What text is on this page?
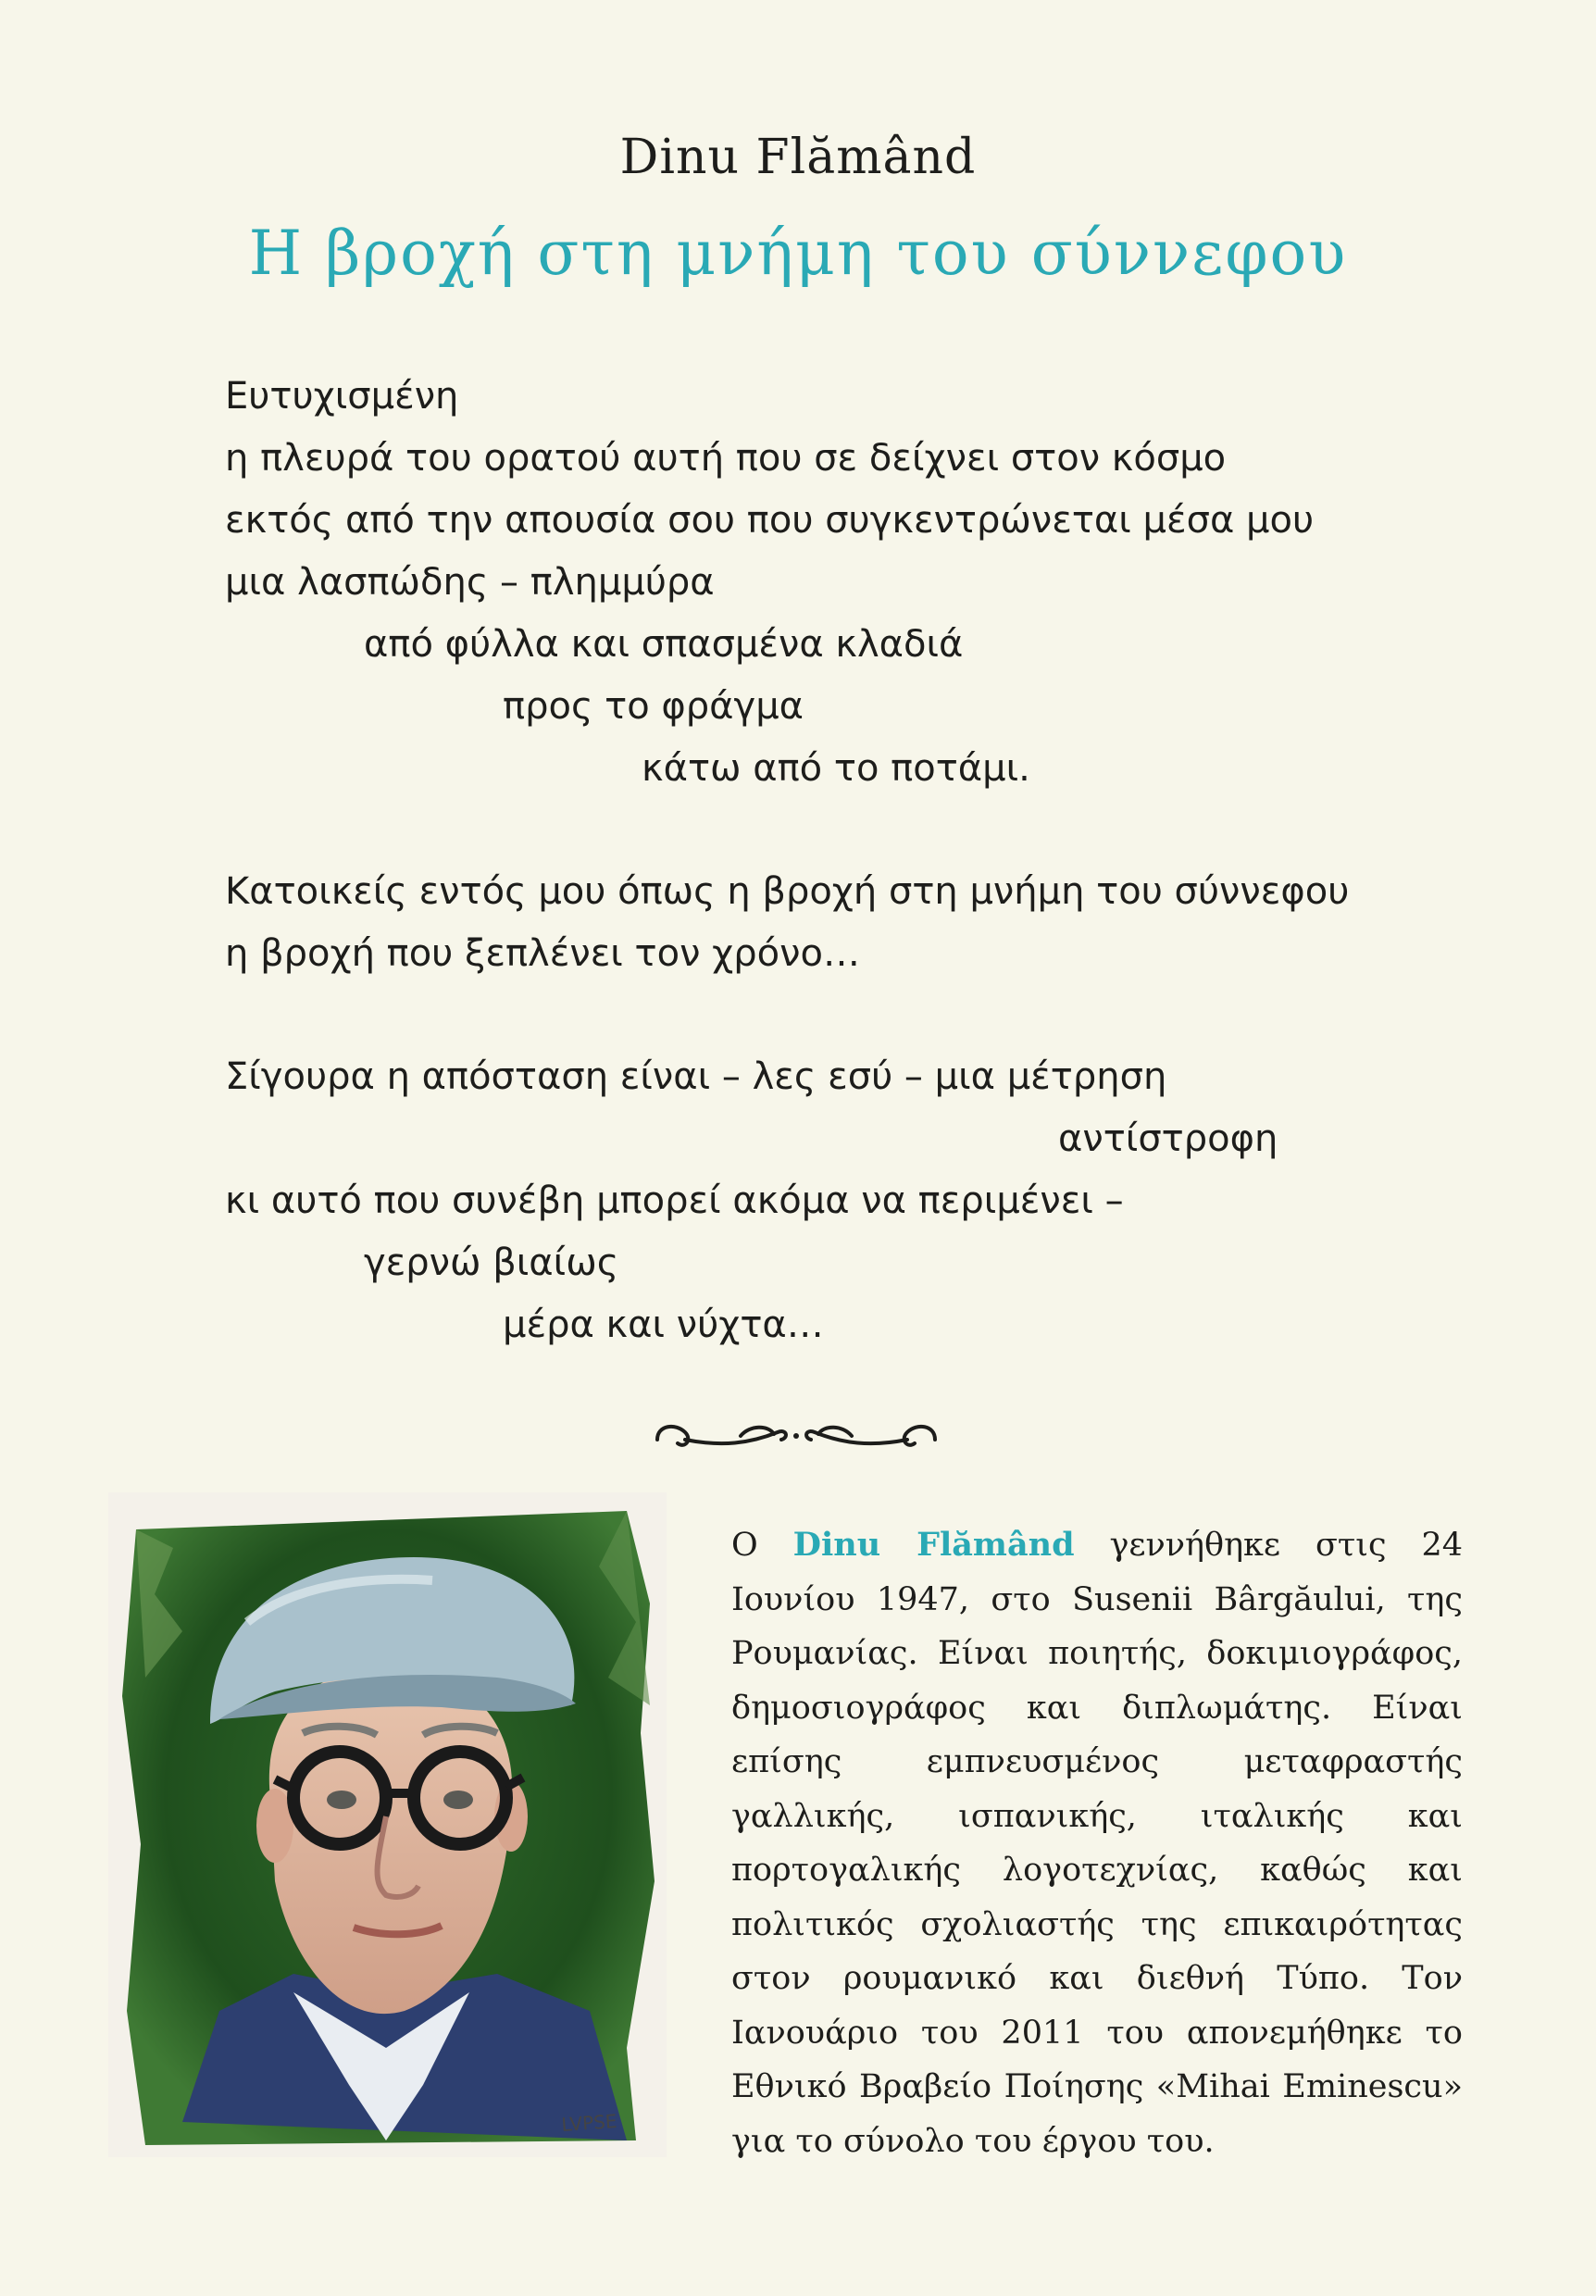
Dinu Flămând
Η βροχή στη μνήμη του σύννεφου
Ευτυχισμένη
η πλευρά του ορατού αυτή που σε δείχνει στον κόσμο
εκτός από την απουσία σου που συγκεντρώνεται μέσα μου
μια λασπώδης – πλημμύρα
από φύλλα και σπασμένα κλαδιά
προς το φράγμα
κάτω από το ποτάμι.
Κατοικείς εντός μου όπως η βροχή στη μνήμη του σύννεφου
η βροχή που ξεπλένει τον χρόνο…
Σίγουρα η απόσταση είναι – λες εσύ – μια μέτρηση
αντίστροφη
κι αυτό που συνέβη μπορεί ακόμα να περιμένει –
γερνώ βιαίως
μέρα και νύχτα…
LVPSE
Ο Dinu Flămând γεννήθηκε στις 24 Ιουνίου 1947, στο Susenii Bârgăului, της Ρουμανίας. Είναι ποιητής, δοκιμιογράφος, δημοσιογράφος και διπλωμάτης. Είναι επίσης εμπνευσμένος μεταφραστής γαλλικής, ισπανικής, ιταλικής και πορτογαλικής λογοτεχνίας, καθώς και πολιτικός σχολιαστής της επικαιρότητας στον ρουμανικό και διεθνή Τύπο. Τον Ιανουάριο του 2011 του απονεμήθηκε το Εθνικό Βραβείο Ποίησης «Mihai Eminescu» για το σύνολο του έργου του.
